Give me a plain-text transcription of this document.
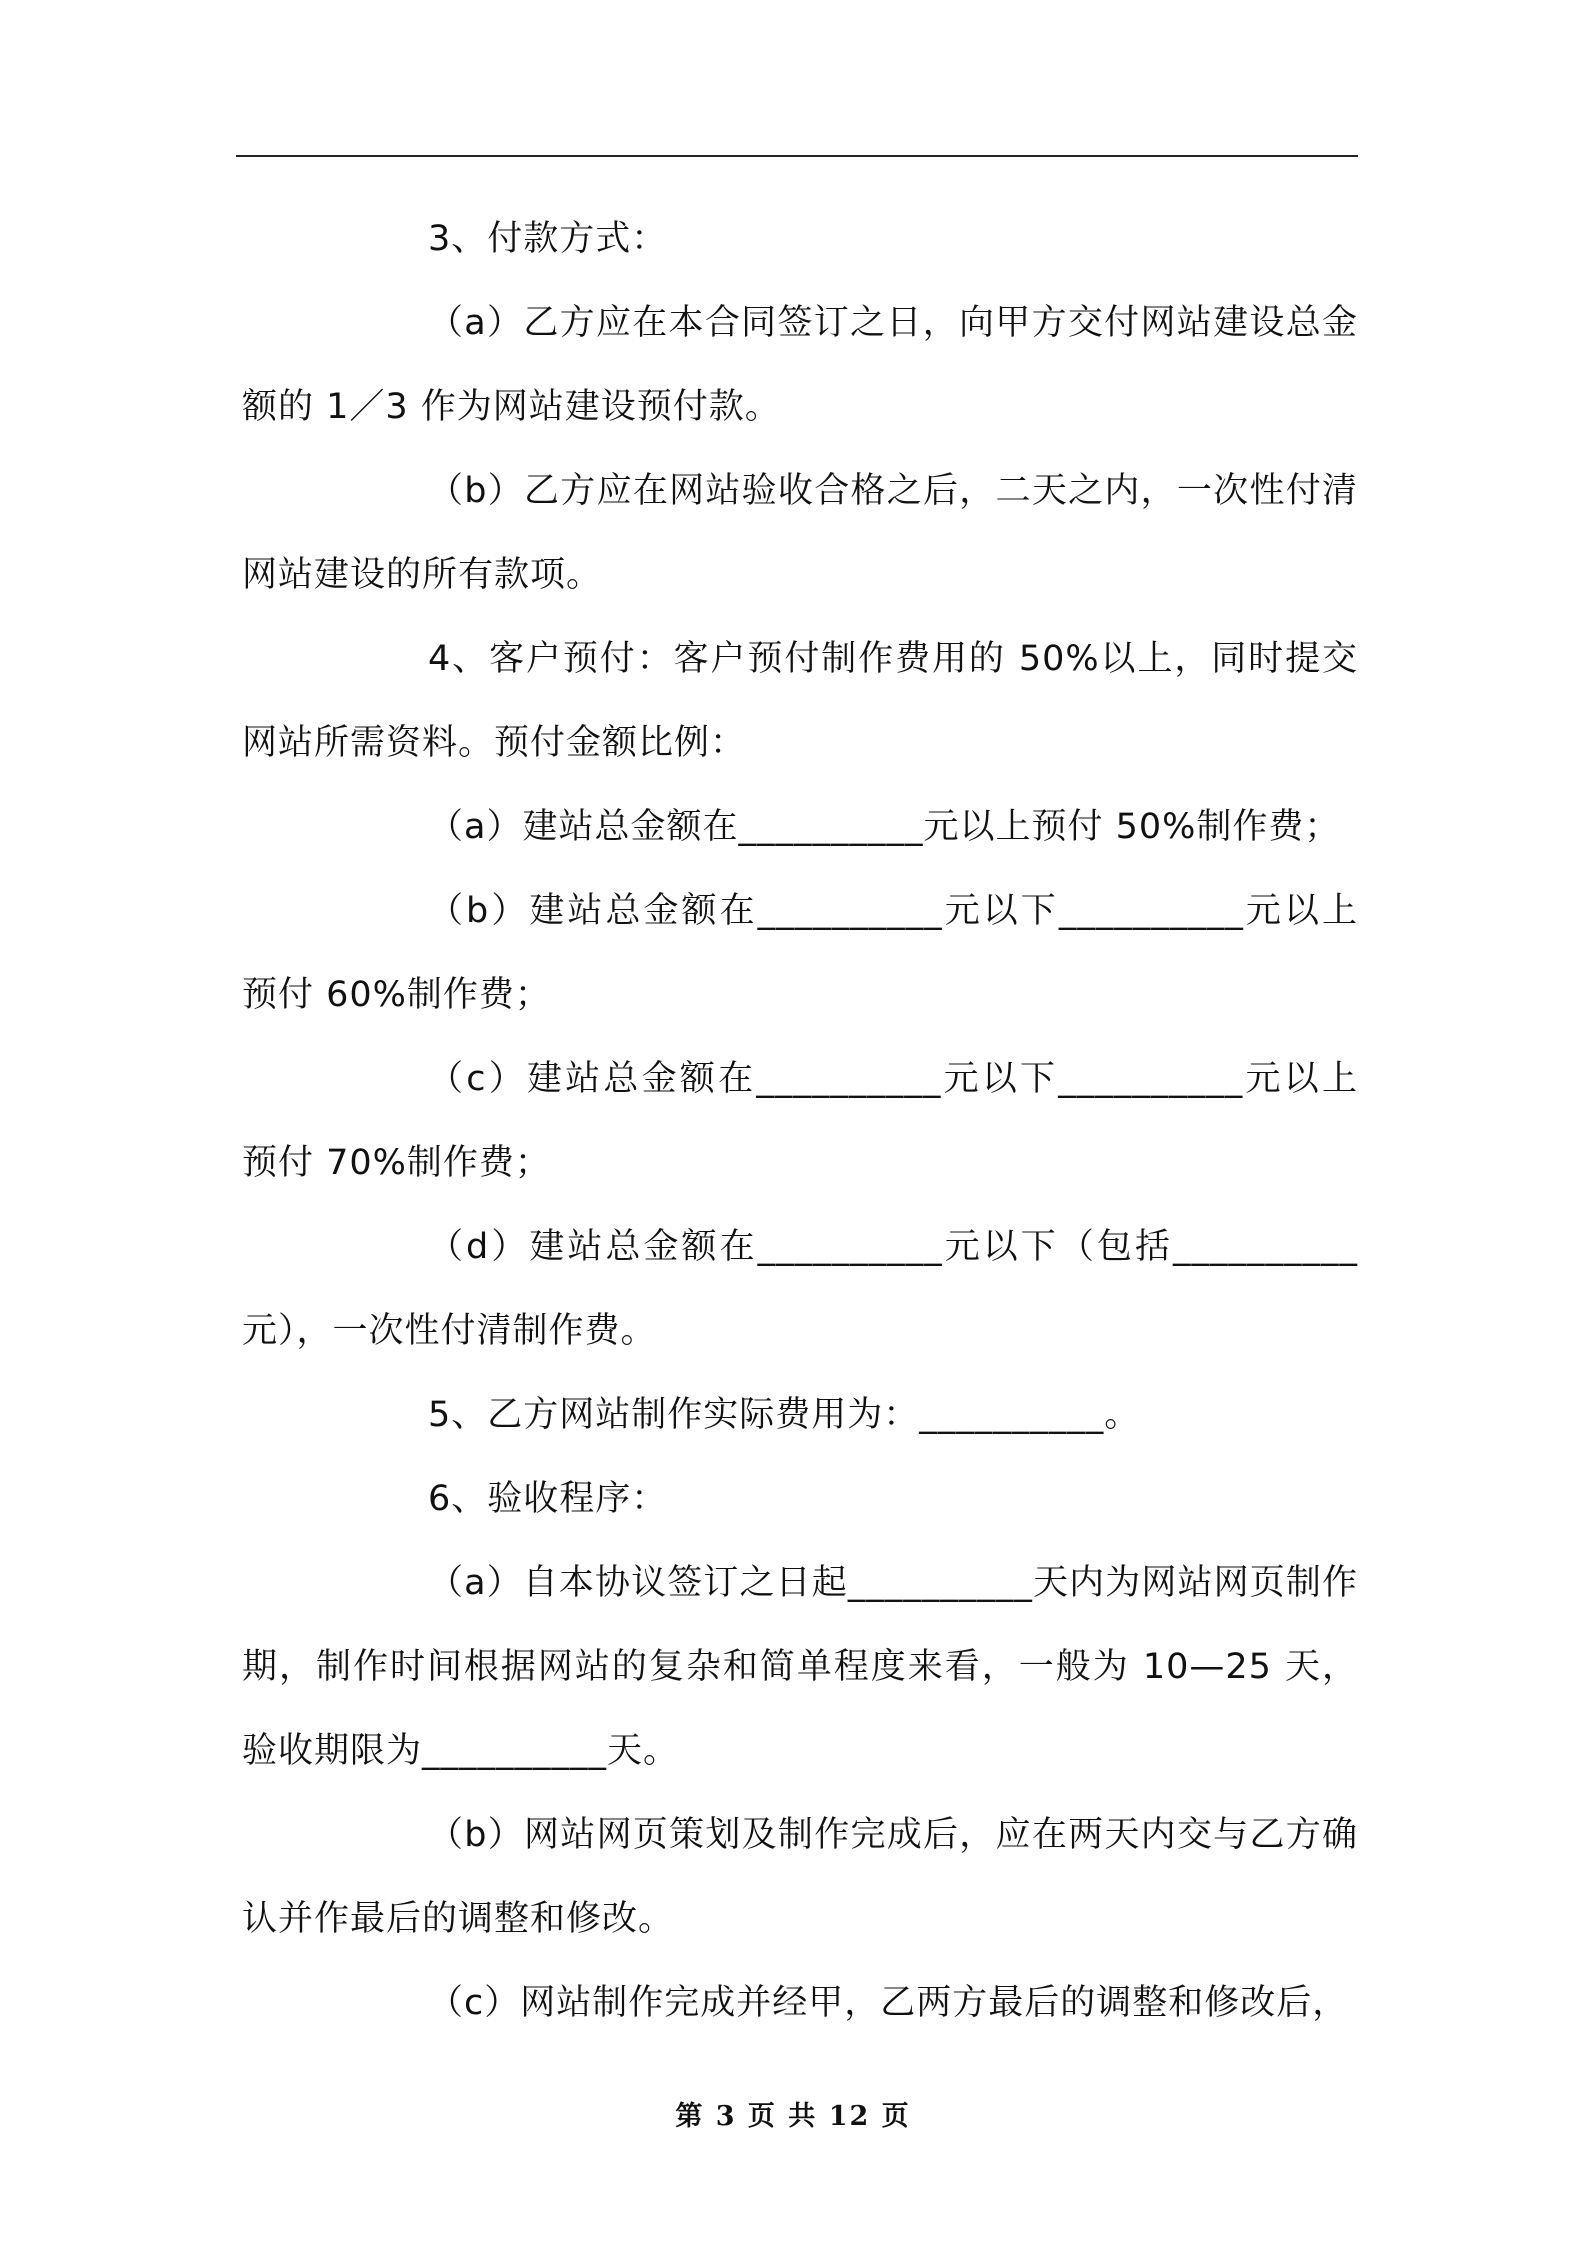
3、付款方式：

（a）乙方应在本合同签订之日，向甲方交付网站建设总金额的 1／3 作为网站建设预付款。

（b）乙方应在网站验收合格之后，二天之内，一次性付清网站建设的所有款项。

4、客户预付：客户预付制作费用的 50%以上，同时提交网站所需资料。预付金额比例：

（a）建站总金额在__________元以上预付 50%制作费；

（b）建站总金额在__________元以下__________元以上预付 60%制作费；

（c）建站总金额在__________元以下__________元以上预付 70%制作费；

（d）建站总金额在__________元以下（包括__________元），一次性付清制作费。

5、乙方网站制作实际费用为：__________。

6、验收程序：

（a）自本协议签订之日起__________天内为网站网页制作期，制作时间根据网站的复杂和简单程度来看，一般为 10—25 天，验收期限为__________天。

（b）网站网页策划及制作完成后，应在两天内交与乙方确认并作最后的调整和修改。

（c）网站制作完成并经甲，乙两方最后的调整和修改后，

第 3 页 共 12 页
